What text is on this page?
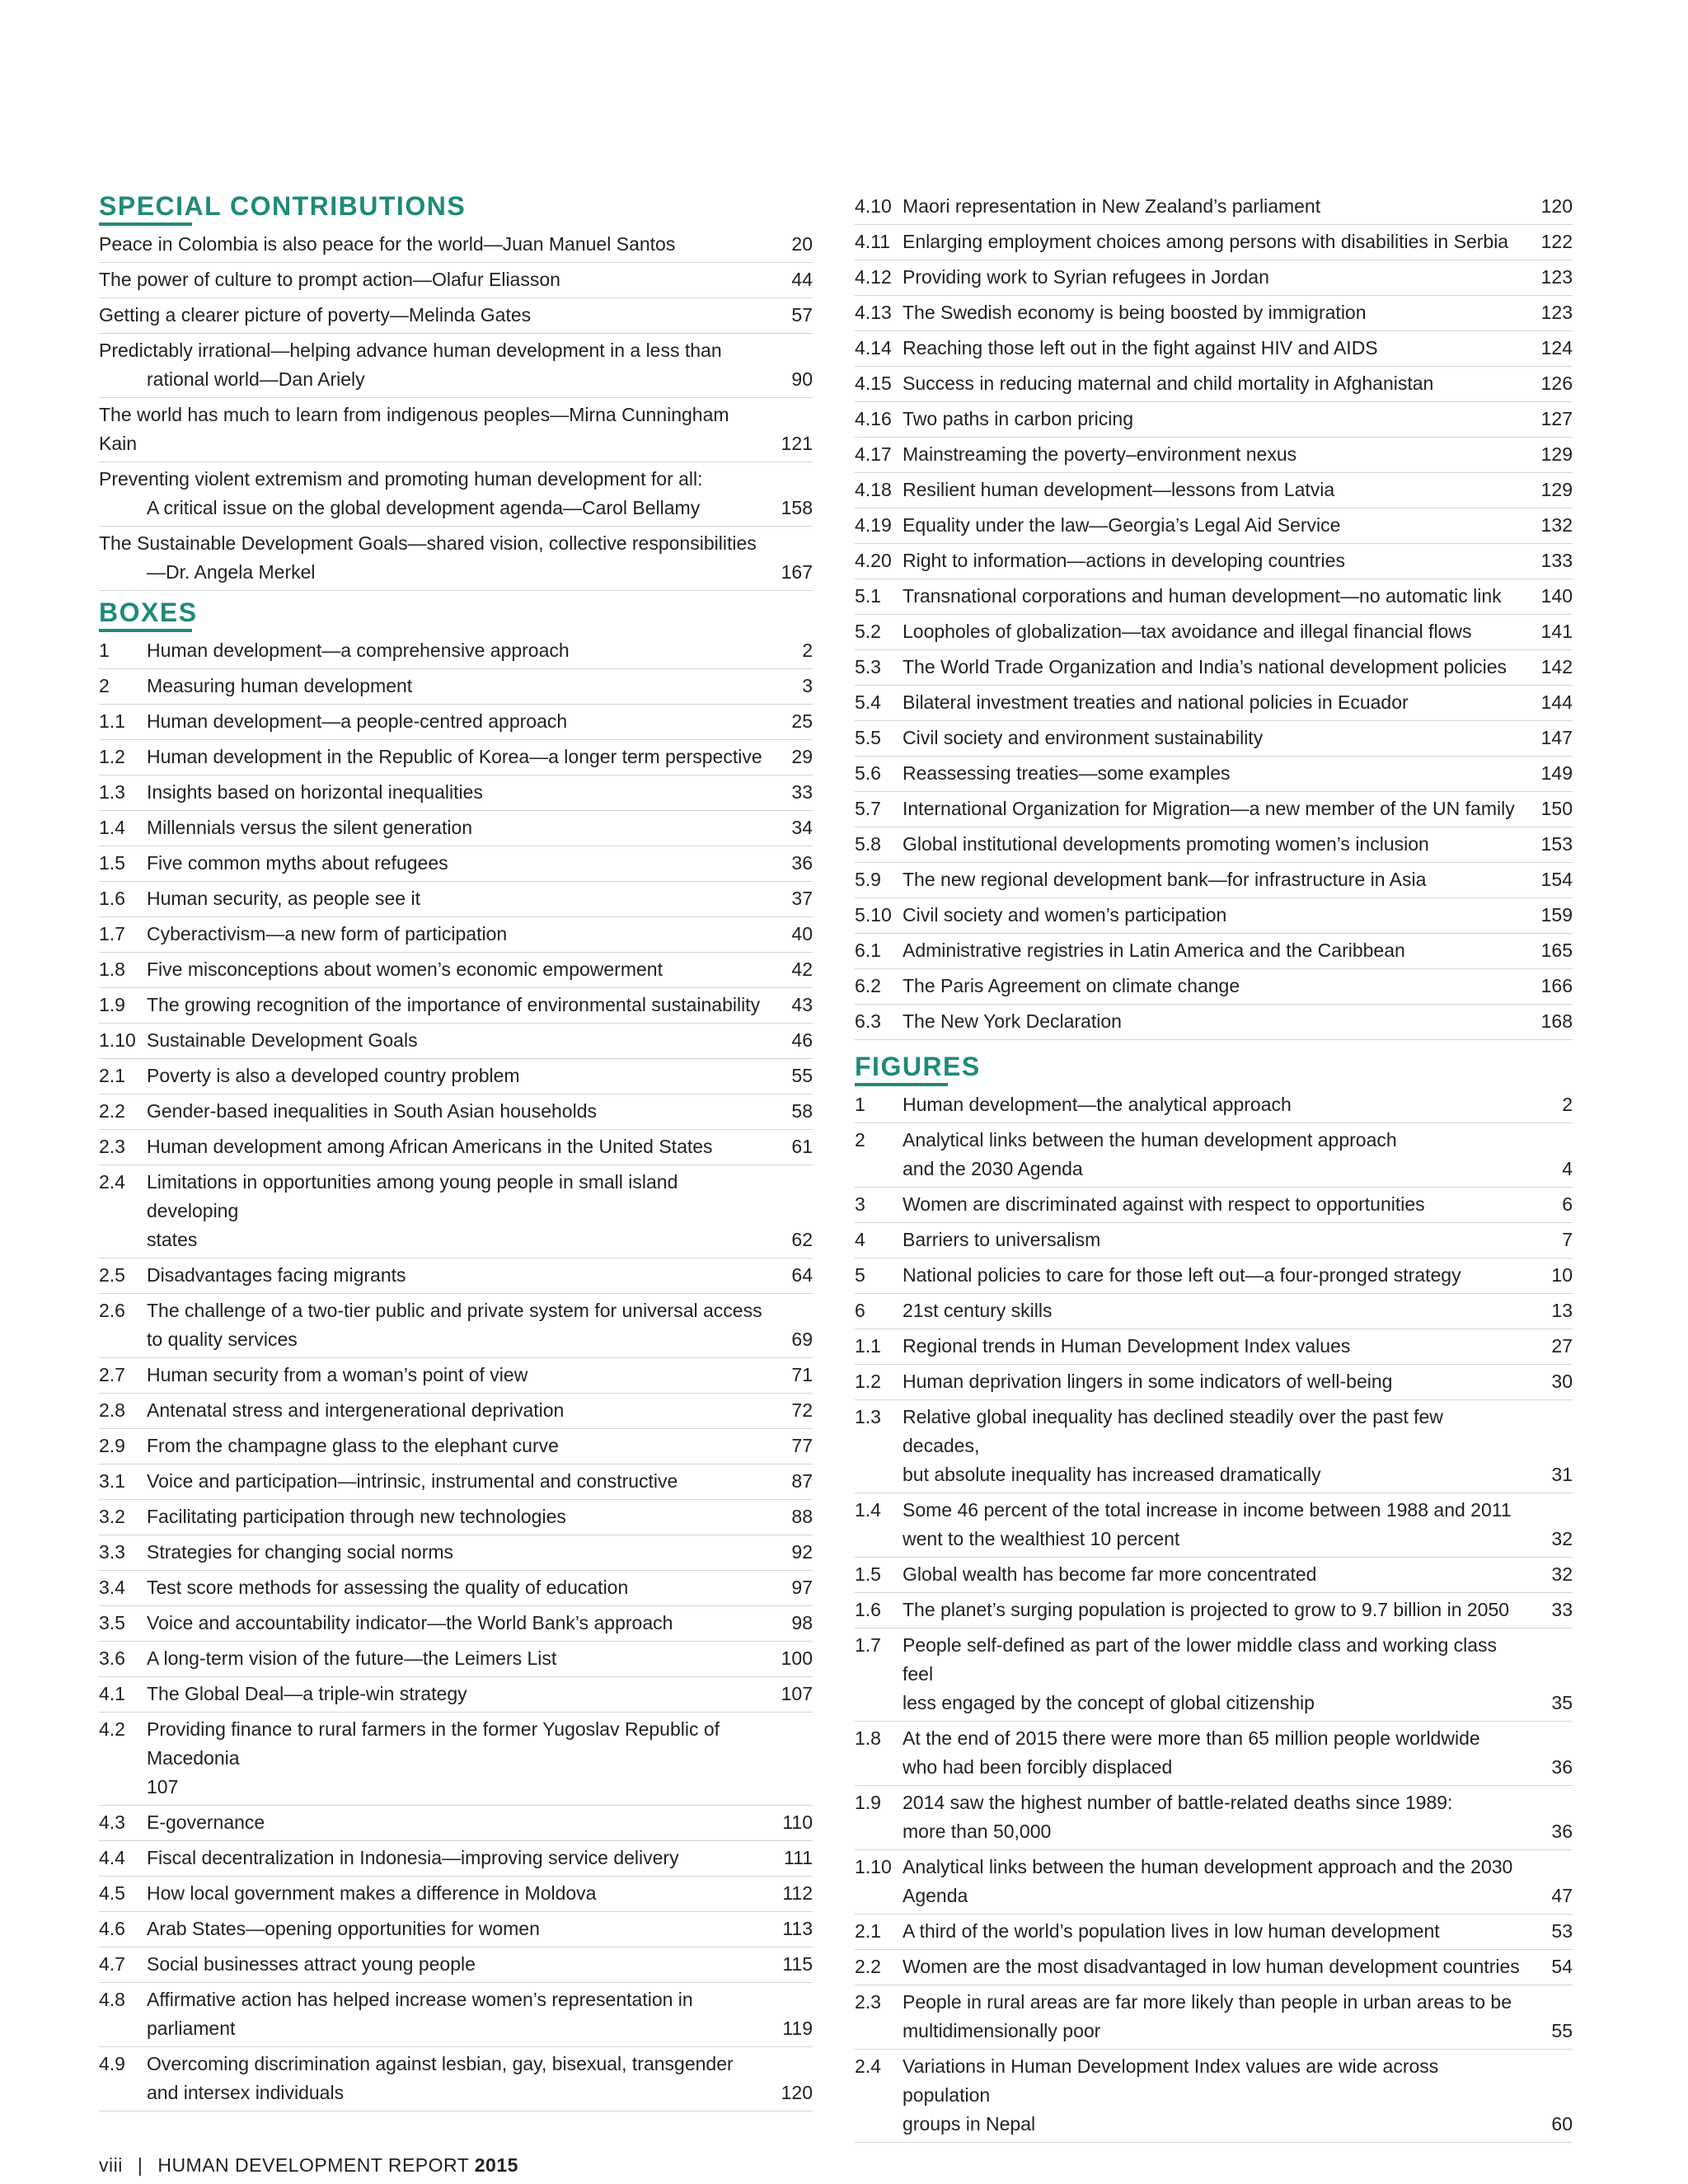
SPECIAL CONTRIBUTIONS
Peace in Colombia is also peace for the world—Juan Manuel Santos	20
The power of culture to prompt action—Olafur Eliasson	44
Getting a clearer picture of poverty—Melinda Gates	57
Predictably irrational—helping advance human development in a less than
rational world—Dan Ariely	90
The world has much to learn from indigenous peoples—Mirna Cunningham Kain	121
Preventing violent extremism and promoting human development for all:
A critical issue on the global development agenda—Carol Bellamy	158
The Sustainable Development Goals—shared vision, collective responsibilities
—Dr. Angela Merkel	167
BOXES
1	Human development—a comprehensive approach	2
2	Measuring human development	3
1.1	Human development—a people-centred approach	25
1.2	Human development in the Republic of Korea—a longer term perspective	29
1.3	Insights based on horizontal inequalities	33
1.4	Millennials versus the silent generation	34
1.5	Five common myths about refugees	36
1.6	Human security, as people see it	37
1.7	Cyberactivism—a new form of participation	40
1.8	Five misconceptions about women’s economic empowerment	42
1.9	The growing recognition of the importance of environmental sustainability	43
1.10 Sustainable Development Goals	46
2.1	Poverty is also a developed country problem	55
2.2	Gender-based inequalities in South Asian households	58
2.3	Human development among African Americans in the United States	61
2.4	Limitations in opportunities among young people in small island
developing
states	62
2.5	Disadvantages facing migrants	64
2.6	The challenge of a two-tier public and private system for universal access
to quality services	69
2.7	Human security from a woman’s point of view	71
2.8	Antenatal stress and intergenerational deprivation	72
2.9	From the champagne glass to the elephant curve	77
3.1	Voice and participation—intrinsic, instrumental and constructive	87
3.2	Facilitating participation through new technologies	88
3.3	Strategies for changing social norms	92
3.4	Test score methods for assessing the quality of education	97
3.5	Voice and accountability indicator—the World Bank’s approach	98
3.6	A long-term vision of the future—the Leimers List	100
4.1	The Global Deal—a triple-win strategy	107
4.2	Providing finance to rural farmers in the former Yugoslav Republic of Macedonia
107
4.3	E-governance	110
4.4	Fiscal decentralization in Indonesia—improving service delivery	111
4.5	How local government makes a difference in Moldova	112
4.6	Arab States—opening opportunities for women	113
4.7	Social businesses attract young people	115
4.8	Affirmative action has helped increase women’s representation in parliament	119
4.9	Overcoming discrimination against lesbian, gay, bisexual, transgender
and intersex individuals	120
4.10 Maori representation in New Zealand’s parliament	120
4.11 Enlarging employment choices among persons with disabilities in Serbia	122
4.12 Providing work to Syrian refugees in Jordan	123
4.13 The Swedish economy is being boosted by immigration	123
4.14 Reaching those left out in the fight against HIV and AIDS	124
4.15 Success in reducing maternal and child mortality in Afghanistan	126
4.16 Two paths in carbon pricing	127
4.17 Mainstreaming the poverty–environment nexus	129
4.18 Resilient human development—lessons from Latvia	129
4.19 Equality under the law—Georgia’s Legal Aid Service	132
4.20 Right to information—actions in developing countries	133
5.1	Transnational corporations and human development—no automatic link	140
5.2	Loopholes of globalization—tax avoidance and illegal financial flows	141
5.3	The World Trade Organization and India’s national development policies	142
5.4	Bilateral investment treaties and national policies in Ecuador	144
5.5	Civil society and environment sustainability	147
5.6	Reassessing treaties—some examples	149
5.7	International Organization for Migration—a new member of the UN family	150
5.8	Global institutional developments promoting women’s inclusion	153
5.9	The new regional development bank—for infrastructure in Asia	154
5.10 Civil society and women’s participation	159
6.1	Administrative registries in Latin America and the Caribbean	165
6.2	The Paris Agreement on climate change	166
6.3	The New York Declaration	168
FIGURES
1	Human development—the analytical approach	2
2	Analytical links between the human development approach
and the 2030 Agenda	4
3	Women are discriminated against with respect to opportunities	6
4	Barriers to universalism	7
5	National policies to care for those left out—a four-pronged strategy	10
6	21st century skills	13
1.1	Regional trends in Human Development Index values	27
1.2	Human deprivation lingers in some indicators of well-being	30
1.3	Relative global inequality has declined steadily over the past few decades,
but absolute inequality has increased dramatically	31
1.4	Some 46 percent of the total increase in income between 1988 and 2011
went to the wealthiest 10 percent	32
1.5	Global wealth has become far more concentrated	32
1.6	The planet’s surging population is projected to grow to 9.7 billion in 2050	33
1.7	People self-defined as part of the lower middle class and working class feel
less engaged by the concept of global citizenship	35
1.8	At the end of 2015 there were more than 65 million people worldwide
who had been forcibly displaced	36
1.9	2014 saw the highest number of battle-related deaths since 1989:
more than 50,000	36
1.10 Analytical links between the human development approach and the 2030
Agenda	47
2.1	A third of the world’s population lives in low human development	53
2.2	Women are the most disadvantaged in low human development countries	54
2.3	People in rural areas are far more likely than people in urban areas to be
multidimensionally poor	55
2.4	Variations in Human Development Index values are wide across population
groups in Nepal	60
viii | HUMAN DEVELOPMENT REPORT 2015
